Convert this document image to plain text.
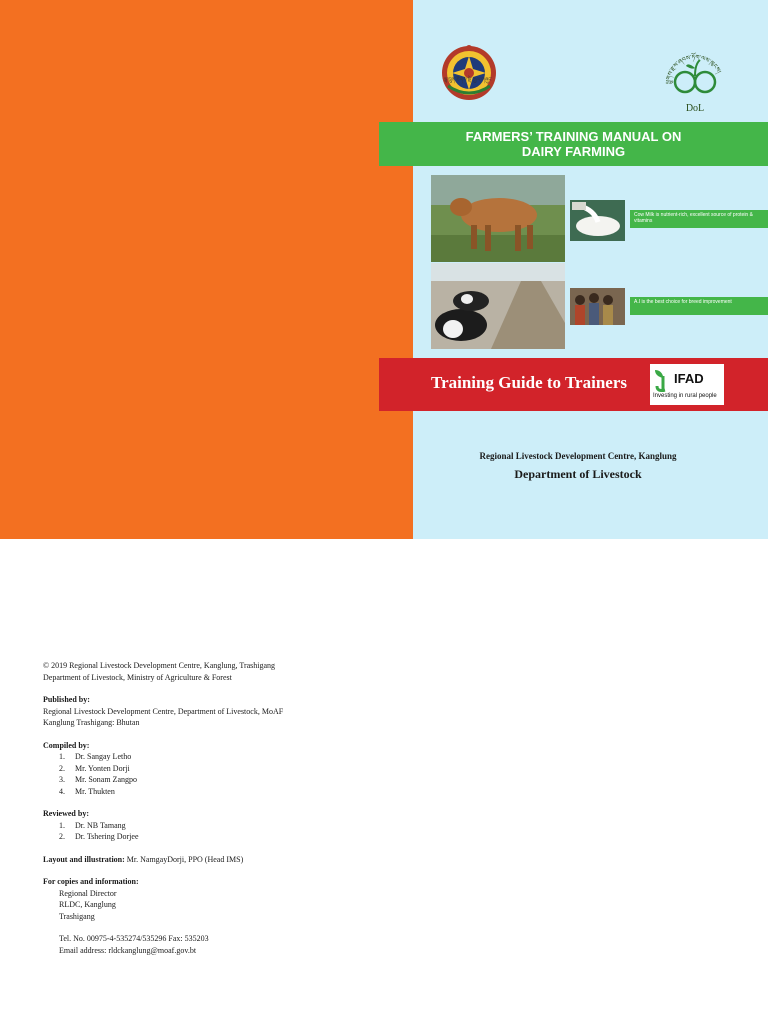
ལྷ་ཁྲུན་ཚོགས་སྡེ་ རྒྱལ་གཞུང་	ཕྱུགས་རྫས་ཞབས་ཏོག་ལས་ཁུངས།
DoL
FARMERS’ TRAINING MANUAL ON
DAIRY FARMING
Cow Milk is nutrient-rich, excellent source of protein & vitamins
A.I is the best choice for breed improvement
Training Guide to Trainers	IFAD
Investing in rural people
Regional Livestock Development Centre, Kanglung
Department of Livestock

© 2019 Regional Livestock Development Centre, Kanglung, Trashigang

Department of Livestock, Ministry of Agriculture & Forest

Published by:

Regional Livestock Development Centre, Department of Livestock, MoAF

Kanglung Trashigang: Bhutan

Compiled by:

1. Dr. Sangay Letho
2. Mr. Yonten Dorji
3. Mr. Sonam Zangpo
4. Mr. Thukten

Reviewed by:

1. Dr. NB Tamang
2. Dr. Tshering Dorjee

Layout and illustration: Mr. NamgayDorji, PPO (Head IMS)

For copies and information:

Regional Director

RLDC, Kanglung

Trashigang

Tel. No. 00975-4-535274/535296 Fax: 535203

Email address: rldckanglung@moaf.gov.bt
